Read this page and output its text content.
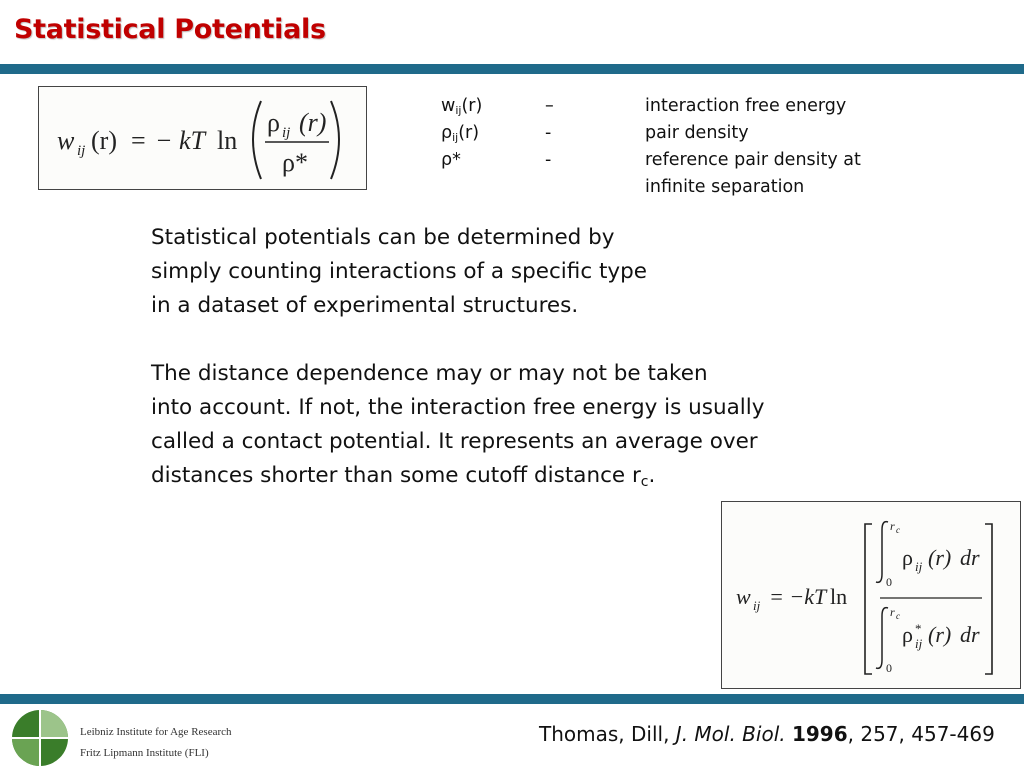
Statistical Potentials
w ij (r) = − kT ln
ρ ij (r)
ρ*
$w_{ij}(r)$	–	interaction free energy
$\rho_{ij}(r)$	-	pair density
ρ*	-	reference pair density at
infinite separation

Statistical potentials can be determined by

simply counting interactions of a specific type

in a dataset of experimental structures.

The distance dependence may or may not be taken

into account. If not, the interaction free energy is usually

called a contact potential. It represents an average over

distances shorter than some cutoff distance $r_c$.

w ij = −kT ln
r c
0
ρ ij (r) dr
r c
0
ρ *
ij (r) dr
Leibniz Institute for Age Research
Fritz Lipmann Institute (FLI)
Thomas, Dill, J. Mol. Biol. 1996, 257, 457-469
